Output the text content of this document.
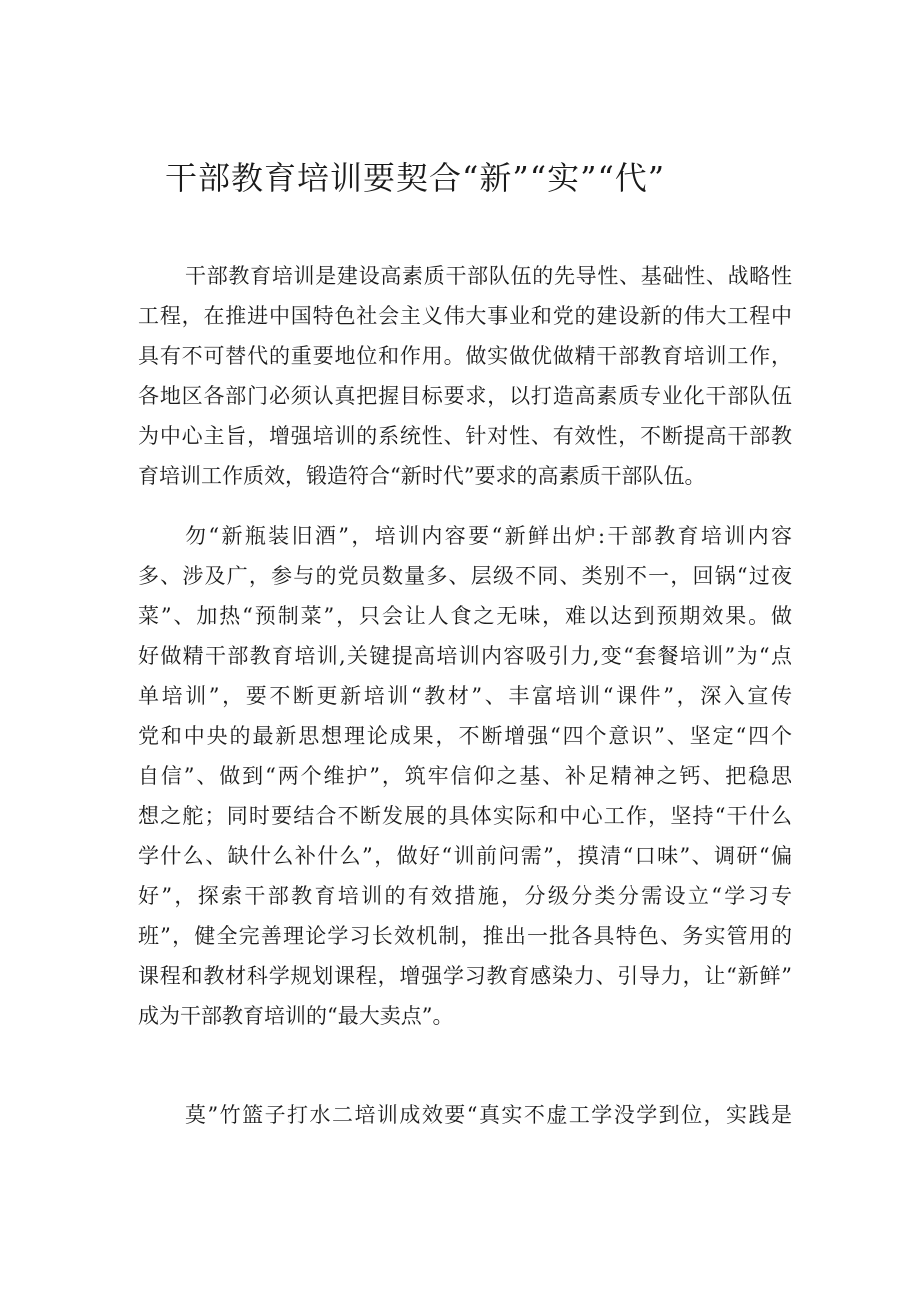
干部教育培训要契合“新”“实”“代”
干部教育培训是建设高素质干部队伍的先导性、基础性、战略性
工程，在推进中国特色社会主义伟大事业和党的建设新的伟大工程中
具有不可替代的重要地位和作用。做实做优做精干部教育培训工作，
各地区各部门必须认真把握目标要求，以打造高素质专业化干部队伍
为中心主旨，增强培训的系统性、针对性、有效性，不断提高干部教
育培训工作质效，锻造符合“新时代”要求的高素质干部队伍。
勿“新瓶装旧酒”，培训内容要“新鲜出炉:干部教育培训内容
多、涉及广，参与的党员数量多、层级不同、类别不一，回锅“过夜
菜”、加热“预制菜”，只会让人食之无味，难以达到预期效果。做
好做精干部教育培训,关键提高培训内容吸引力,变“套餐培训”为“点
单培训”，要不断更新培训“教材”、丰富培训“课件”，深入宣传
党和中央的最新思想理论成果，不断增强“四个意识”、坚定“四个
自信”、做到“两个维护”，筑牢信仰之基、补足精神之钙、把稳思
想之舵；同时要结合不断发展的具体实际和中心工作，坚持“干什么
学什么、缺什么补什么”，做好“训前问需”，摸清“口味”、调研“偏
好”，探索干部教育培训的有效措施，分级分类分需设立“学习专
班”，健全完善理论学习长效机制，推出一批各具特色、务实管用的
课程和教材科学规划课程，增强学习教育感染力、引导力，让“新鲜”
成为干部教育培训的“最大卖点”。
莫”竹篮子打水二培训成效要“真实不虚工学没学到位，实践是
